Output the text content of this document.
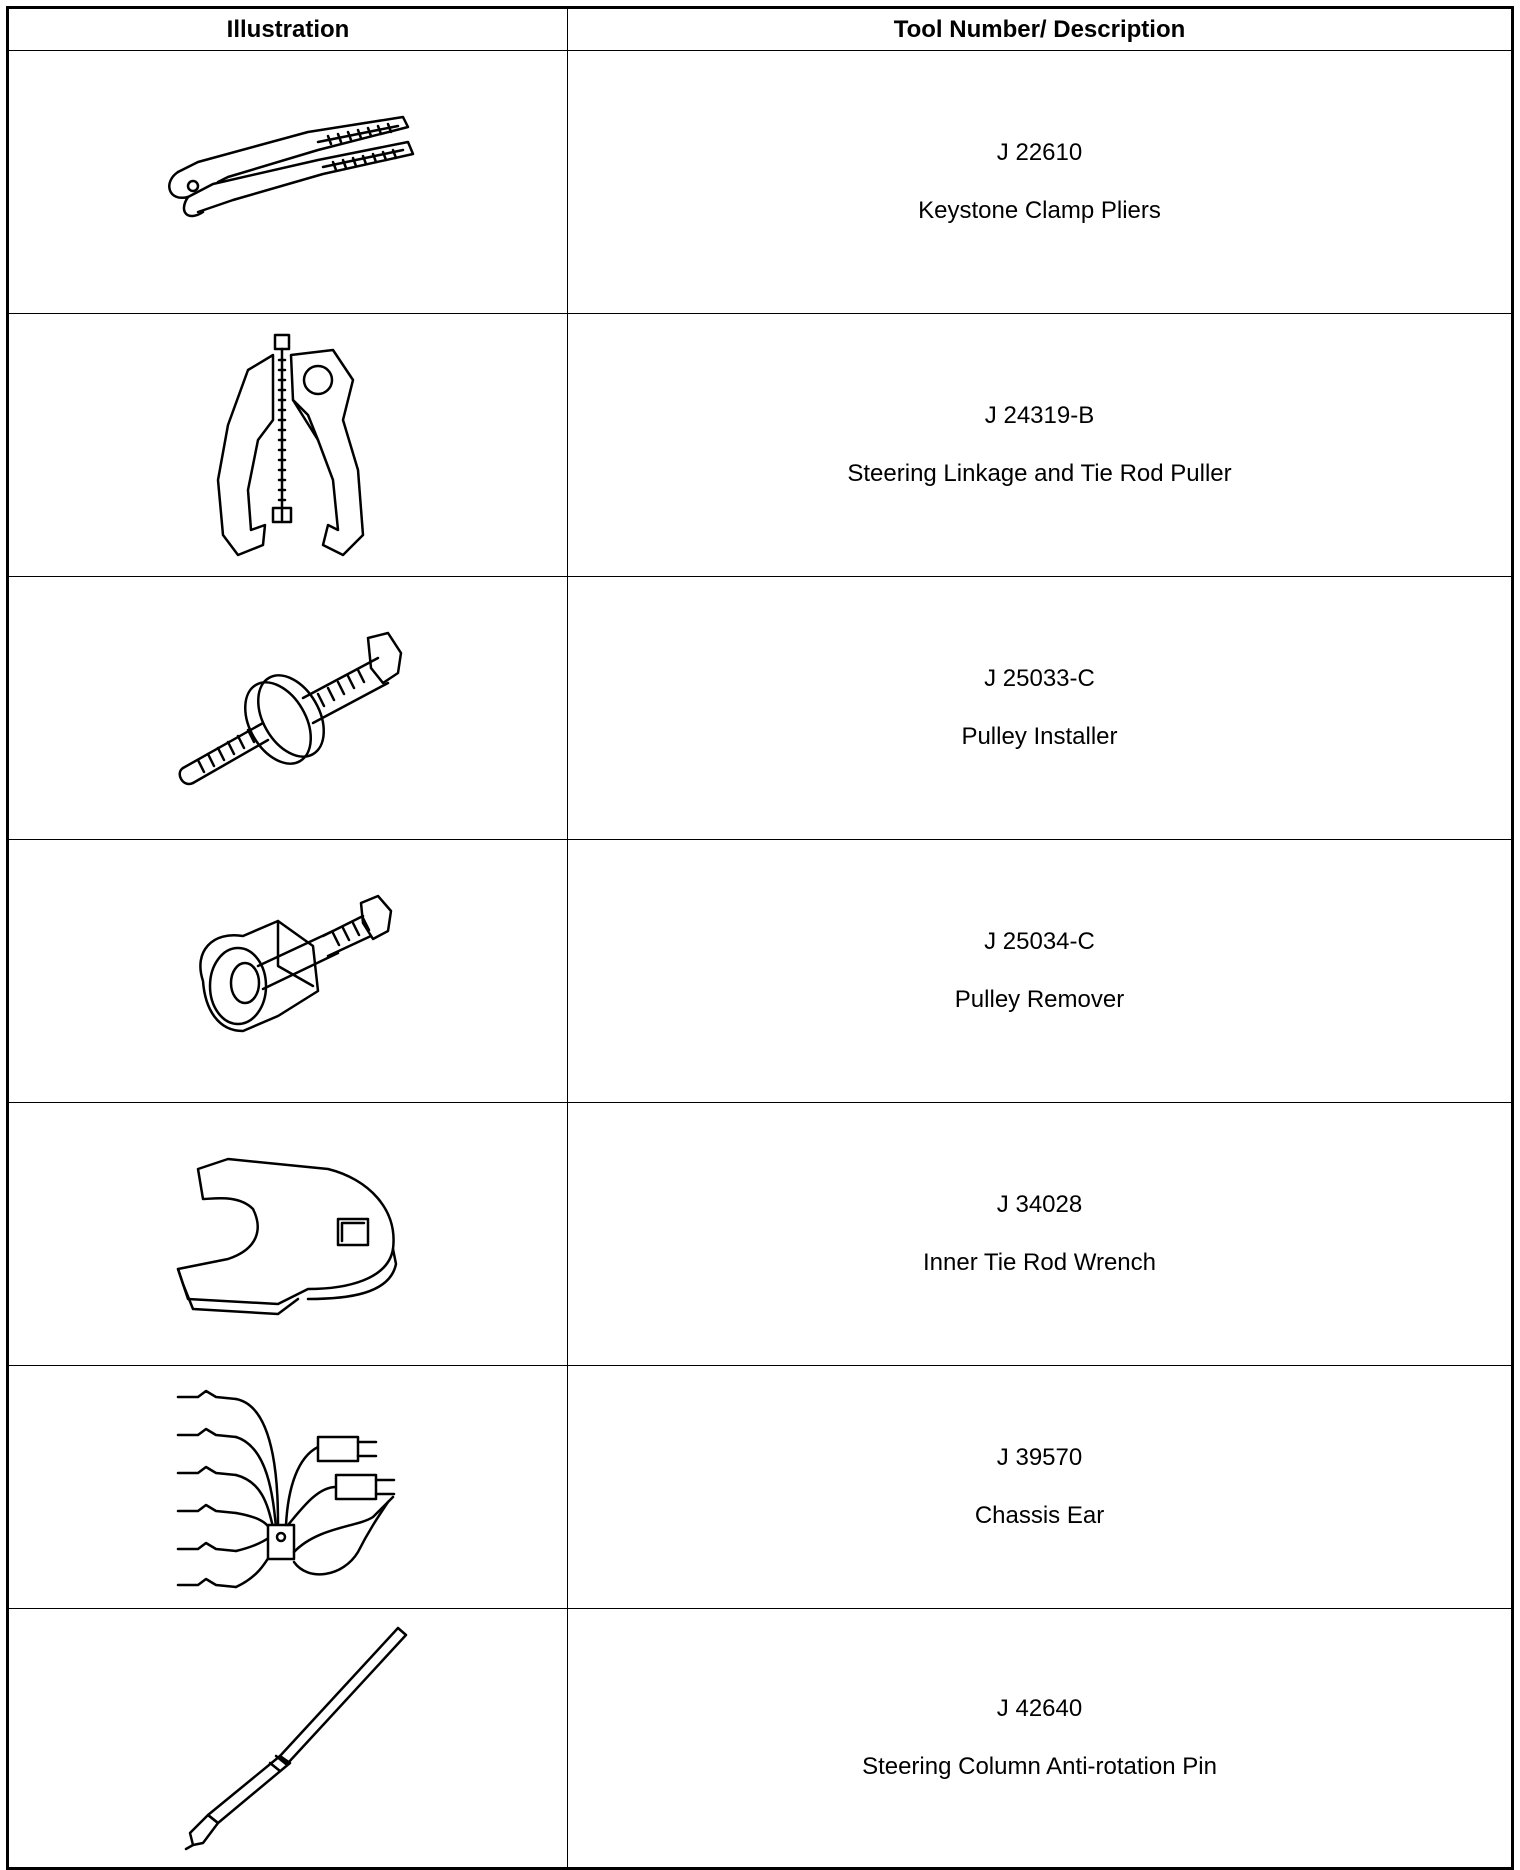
Illustration	Tool Number/ Description

J 22610
Keystone Clamp Pliers

J 24319-B
Steering Linkage and Tie Rod Puller

J 25033-C
Pulley Installer

J 25034-C
Pulley Remover

J 34028
Inner Tie Rod Wrench

J 39570
Chassis Ear

J 42640
Steering Column Anti-rotation Pin
